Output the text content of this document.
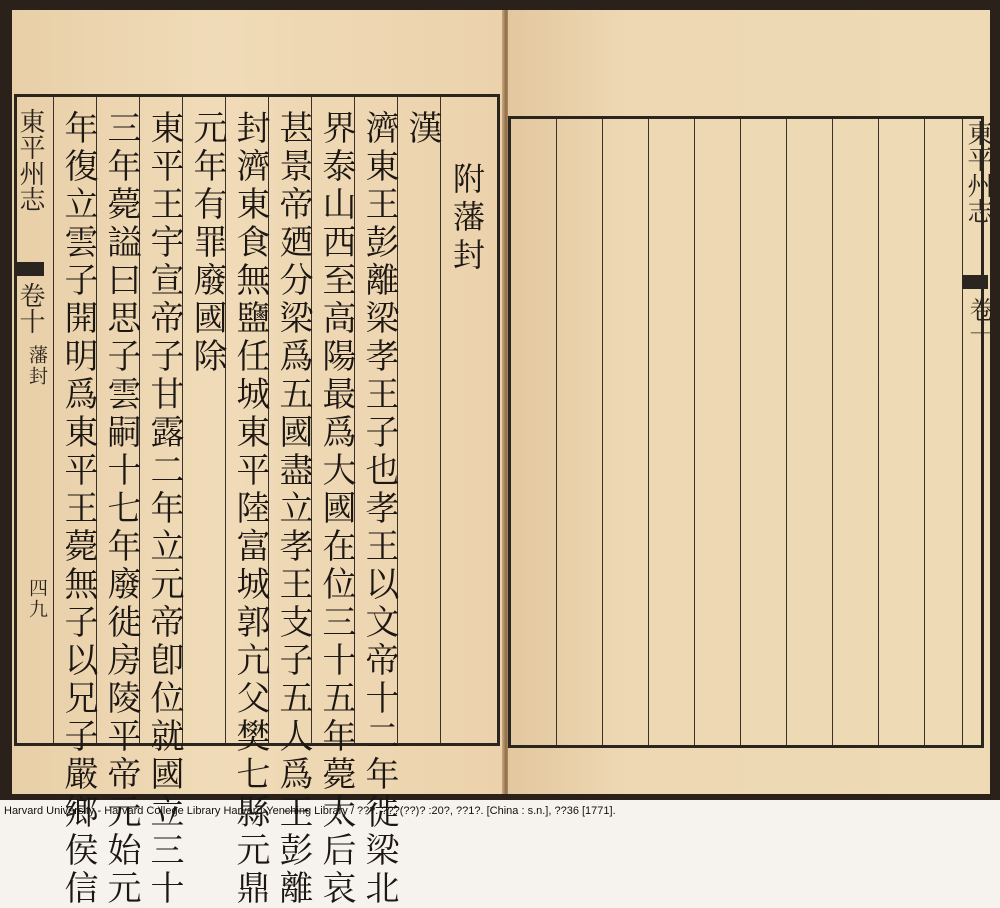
東平州志
卷十
藩封
四九
附藩封
漢
濟東王彭離梁孝王子也孝王以文帝十二年徙梁北
界泰山西至高陽最爲大國在位三十五年薨太后哀
甚景帝廼分梁爲五國盡立孝王支子五人爲王彭離
封濟東食無鹽任城東平陸富城郭亢父樊七縣元鼎
元年有罪廢國除
東平王宇宣帝子甘露二年立元帝卽位就國立三十
三年薨謚曰思子雲嗣十七年廢徙房陵平帝元始元
年復立雲子開明爲東平王薨無子以兄子嚴鄉侯信	東平州志
卷十
Harvard University - Harvard College Library Harvard-Yenching Library / ???. ???(??)? :20?, ??1?. [China : s.n.], ??36 [1771].
